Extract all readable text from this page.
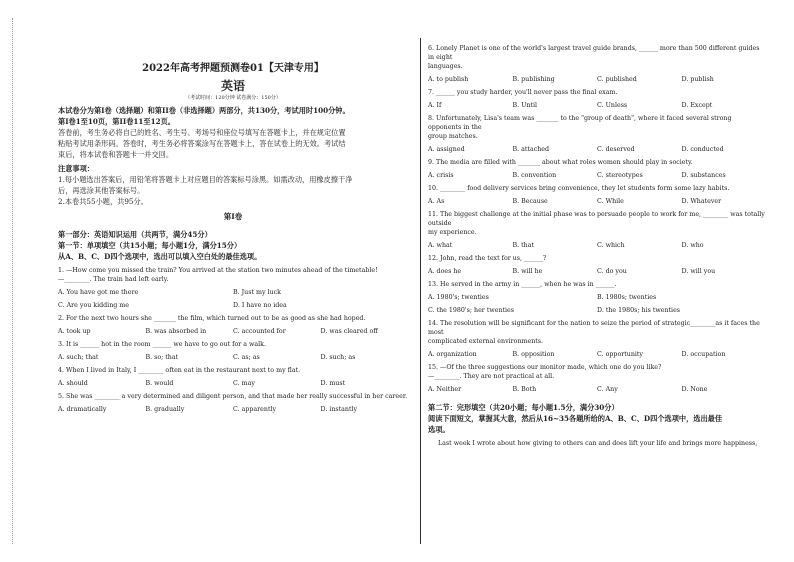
2022年高考押题预测卷01【天津专用】
英语
（考试时间：120分钟 试卷满分：150分）
本试卷分为第I卷（选择题）和第II卷（非选择题）两部分，共130分，考试用时100分钟。
第I卷1至10页，第II卷11至12页。
答卷前，考生务必将自己的姓名、考生号、考场号和座位号填写在答题卡上，并在规定位置
粘贴考试用条形码。答卷时，考生务必将答案涂写在答题卡上，答在试卷上的无效。考试结
束后，将本试卷和答题卡一并交回。
注意事项：
1.每小题选出答案后，用铅笔将答题卡上对应题目的答案标号涂黑。如需改动，用橡皮擦干净
后，再选涂其他答案标号。
2.本卷共55小题，共95分。
第I卷
第一部分：英语知识运用（共两节，满分45分）
第一节：单项填空（共15小题；每小题1分，满分15分）
从A、B、C、D四个选项中，选出可以填入空白处的最佳选项。
1. —How come you missed the train? You arrived at the station two minutes ahead of the timetable!
—________. The train had left early.
A. You have got me there	B. Just my luck
C. Are you kidding me	D. I have no idea
2. For the next two hours she _______ the film, which turned out to be as good as she had hoped.
A. took up	B. was absorbed in	C. accounted for	D. was cleared off
3. It is ______ hot in the room ______ we have to go out for a walk.
A. such; that	B. so; that	C. as; as	D. such; as
4. When I lived in Italy, I ________ often eat in the restaurant next to my flat.
A. should	B. would	C. may	D. must
5. She was ________ a very determined and diligent person, and that made her really successful in her career.
A. dramatically	B. gradually	C. apparently	D. instantly
6. Lonely Planet is one of the world's largest travel guide brands, ______ more than 500 different guides in eight
languages.
A. to publish	B. publishing	C. published	D. publish
7. ______ you study harder, you'll never pass the final exam.
A. If	B. Until	C. Unless	D. Except
8. Unfortunately, Lisa's team was _______ to the "group of death", where it faced several strong opponents in the
group matches.
A. assigned	B. attached	C. deserved	D. conducted
9. The media are filled with _______ about what roles women should play in society.
A. crisis	B. convention	C. stereotypes	D. substances
10. ________ food delivery services bring convenience, they let students form some lazy habits.
A. As	B. Because	C. While	D. Whatever
11. The biggest challenge at the initial phase was to persuade people to work for me, ________ was totally outside
my experience.
A. what	B. that	C. which	D. who
12. John, read the text for us, ______?
A. does he	B. will he	C. do you	D. will you
13. He served in the army in ______, when he was in ______.
A. 1980's; twenties	B. 1980s; twenties
C. the 1980's; her twenties	D. the 1980s; his twenties
14. The resolution will be significant for the nation to seize the period of strategic________as it faces the most
complicated external environments.
A. organization	B. opposition	C. opportunity	D. occupation
15. —Of the three suggestions our monitor made, which one do you like?
—________. They are not practical at all.
A. Neither	B. Both	C. Any	D. None
第二节：完形填空（共20小题；每小题1.5分，满分30分）
阅读下面短文，掌握其大意，然后从16~35各题所给的A、B、C、D四个选项中，选出最佳
选项。
Last week I wrote about how giving to others can and does lift your life and brings more happiness,
